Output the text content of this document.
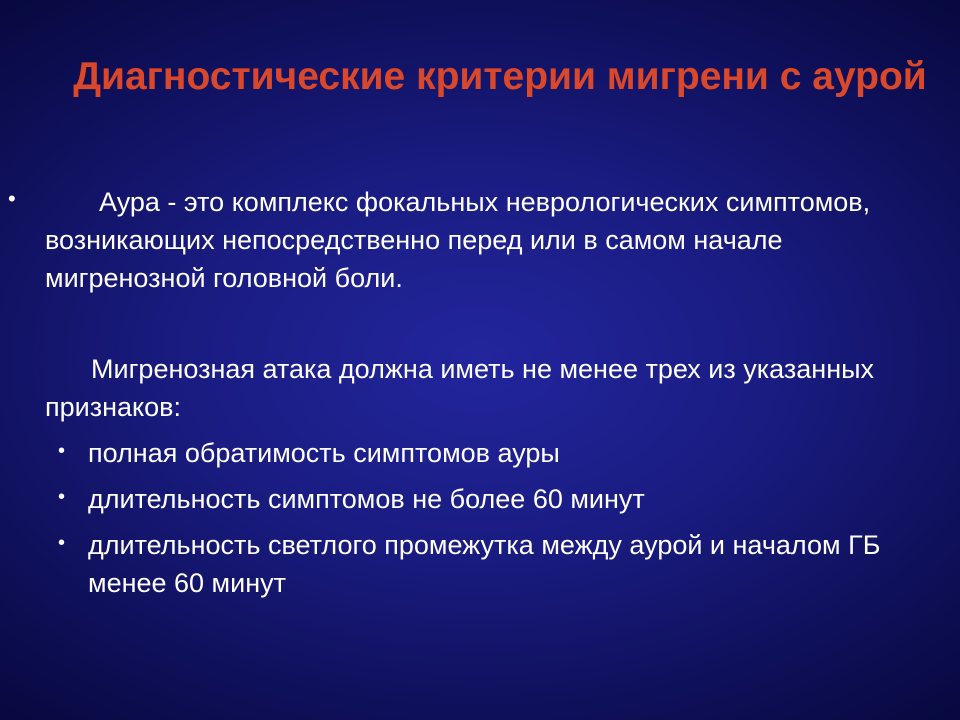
Диагностические критерии мигрени с аурой
•	Аура - это комплекс фокальных неврологических симптомов, возникающих непосредственно перед или в самом начале мигренозной головной боли.

Мигренозная атака должна иметь не менее трех из указанных признаков:

• полная обратимость симптомов ауры
• длительность симптомов не более 60 минут
• длительность светлого промежутка между аурой и началом ГБ менее 60 минут
